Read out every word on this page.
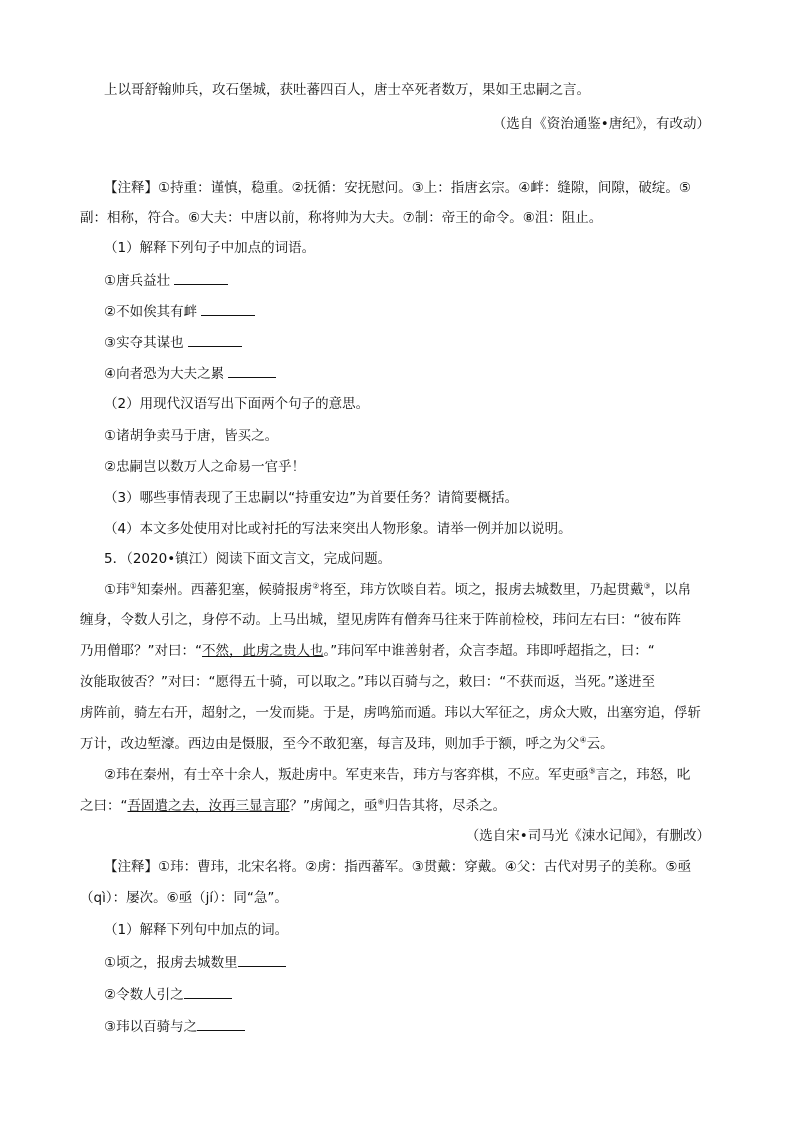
上以哥舒翰帅兵，攻石堡城，获吐蕃四百人，唐士卒死者数万，果如王忠嗣之言。
（选自《资治通鉴•唐纪》，有改动）
【注释】①持重：谨慎，稳重。②抚循：安抚慰问。③上：指唐玄宗。④衅：缝隙，间隙，破绽。⑤
副：相称，符合。⑥大夫：中唐以前，称将帅为大夫。⑦制：帝王的命令。⑧沮：阻止。
（1）解释下列句子中加点的词语。
①唐兵益壮
②不如俟其有衅
③实夺其谋也
④向者恐为大夫之累
（2）用现代汉语写出下面两个句子的意思。
①诸胡争卖马于唐，皆买之。
②忠嗣岂以数万人之命易一官乎！
（3）哪些事情表现了王忠嗣以“持重安边”为首要任务？请简要概括。
（4）本文多处使用对比或衬托的写法来突出人物形象。请举一例并加以说明。
5．（2020•镇江）阅读下面文言文，完成问题。
①玮①知秦州。西蕃犯塞，候骑报虏②将至，玮方饮啖自若。顷之，报虏去城数里，乃起贯戴③，以帛
缠身，令数人引之，身停不动。上马出城，望见虏阵有僧奔马往来于阵前检校，玮问左右曰：“彼布阵
乃用僧耶？”对曰：“不然，此虏之贵人也。”玮问军中谁善射者，众言李超。玮即呼超指之，曰：“
汝能取彼否？”对曰：“愿得五十骑，可以取之。”玮以百骑与之，敕曰：“不获而返，当死。”遂进至
虏阵前，骑左右开，超射之，一发而毙。于是，虏鸣笳而遁。玮以大军征之，虏众大败，出塞穷追，俘斩
万计，改边堑濠。西边由是慑服，至今不敢犯塞，每言及玮，则加手于额，呼之为父④云。
②玮在秦州，有士卒十余人，叛赴虏中。军吏来告，玮方与客弈棋，不应。军吏亟⑤言之，玮怒，叱
之曰：“吾固遣之去，汝再三显言耶？”虏闻之，亟⑥归告其将，尽杀之。
（选自宋•司马光《涑水记闻》，有删改）
【注释】①玮：曹玮，北宋名将。②虏：指西蕃军。③贯戴：穿戴。④父：古代对男子的美称。⑤亟
（qì）：屡次。⑥亟（jí）：同“急”。
（1）解释下列句中加点的词。
①顷之，报虏去城数里
②令数人引之
③玮以百骑与之
